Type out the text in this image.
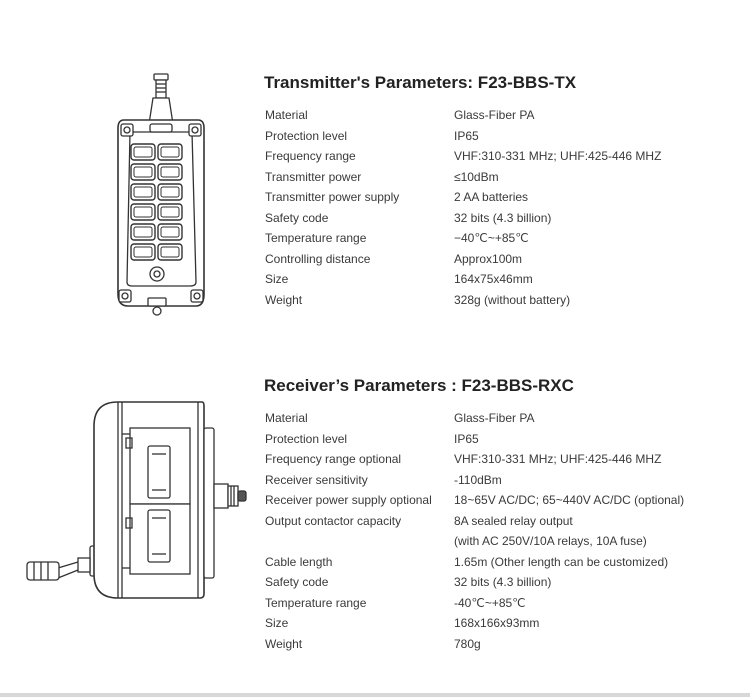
Transmitter's Parameters: F23-BBS-TX
Material	Glass-Fiber PA
Protection level	IP65
Frequency range	VHF:310-331 MHz; UHF:425-446 MHZ
Transmitter power	≤10dBm
Transmitter power supply	2 AA batteries
Safety code	32 bits (4.3 billion)
Temperature range	−40℃~+85℃
Controlling distance	Approx100m
Size	164x75x46mm
Weight	328g (without battery)
Receiver’s Parameters : F23-BBS-RXC
Material	Glass-Fiber PA
Protection level	IP65
Frequency range optional	VHF:310-331 MHz; UHF:425-446 MHZ
Receiver sensitivity	-110dBm
Receiver power supply optional 18~65V AC/DC; 65~440V AC/DC (optional)
Output contactor capacity	8A sealed relay output
(with AC 250V/10A relays, 10A fuse)
Cable length	1.65m (Other length can be customized)
Safety code	32 bits (4.3 billion)
Temperature range	-40℃~+85℃
Size	168x166x93mm
Weight	780g
